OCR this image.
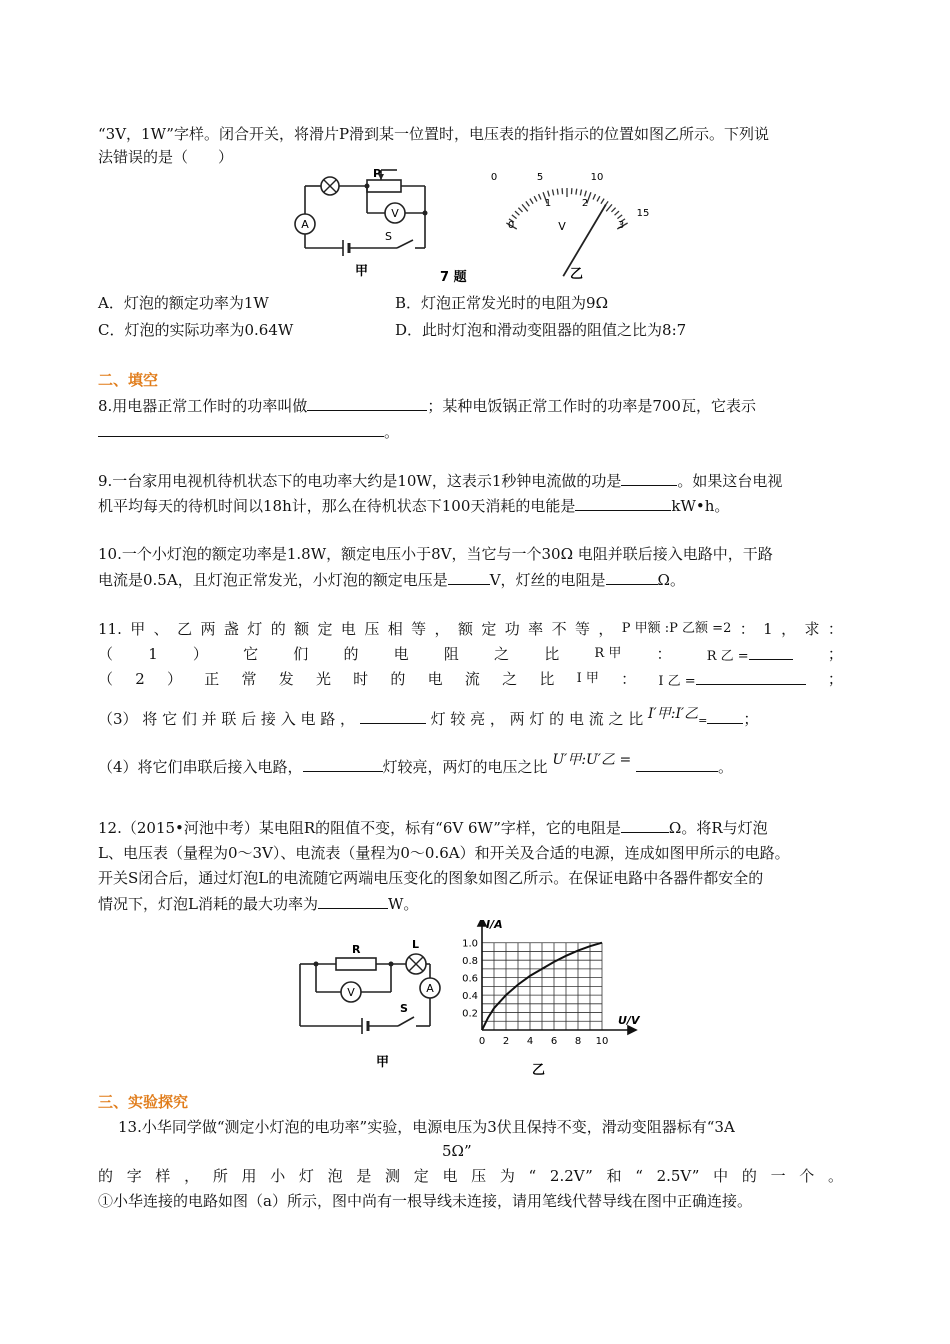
“3V，1W”字样。闭合开关，将滑片P滑到某一位置时，电压表的指针指示的位置如图乙所示。下列说
法错误的是（　　）
A
V
P
S
甲	7 题
0	5	10
15
0
1	2
3
V
乙
A．灯泡的额定功率为1W	B．灯泡正常发光时的电阻为9Ω
C．灯泡的实际功率为0.64W	D．此时灯泡和滑动变阻器的阻值之比为8:7
二、填空
8.用电器正常工作时的功率叫做	；某种电饭锅正常工作时的功率是700瓦，它表示
。
9.一台家用电视机待机状态下的电功率大约是10W，这表示1秒钟电流做的功是	。如果这台电视
机平均每天的待机时间以18h计，那么在待机状态下100天消耗的电能是	kW•h。
10.一个小灯泡的额定功率是1.8W，额定电压小于8V，当它与一个30Ω 电阻并联后接入电路中，干路
电流是0.5A，且灯泡正常发光，小灯泡的额定电压是	V，灯丝的电阻是	Ω。
11. 甲 、 乙 两 盏 灯 的 额 定 电 压 相 等 ， 额 定 功 率 不 等 ， P 甲额 :P 乙额 =2 ： 1 ， 求 ：
（ 1 ） 它 们 的 电 阻 之 比	R 甲 ：	R 乙 =	；
（ 2 ） 正 常 发 光 时 的 电 流 之 比 I 甲 ： I 乙 =	；
（3） 将 它 们 并 联 后 接 入 电 路 ，	灯 较 亮 ， 两 灯 的 电 流 之 比 I′甲:I′乙= ；
（4）将它们串联后接入电路，	灯较亮，两灯的电压之比 U′甲:U′乙 =	。
12.（2015•河池中考）某电阻R的阻值不变，标有“6V 6W”字样，它的电阻是	Ω。将R与灯泡
L、电压表（量程为0～3V）、电流表（量程为0～0.6A）和开关及合适的电源，连成如图甲所示的电路。
开关S闭合后，通过灯泡L的电流随它两端电压变化的图象如图乙所示。在保证电路中各器件都安全的
情况下，灯泡L消耗的最大功率为	W。
V	A
R	L
S
甲
I/A
U/V
1.0
0.8
0.6
0.4
0.2
0 2 4 6 8 10
乙
三、实验探究
13.小华同学做“测定小灯泡的电功率”实验，电源电压为3伏且保持不变，滑动变阻器标有“3A
5Ω”
的 字 样 ， 所 用 小 灯 泡 是 测 定 电 压 为 “ 2.2V” 和 “ 2.5V” 中 的 一 个 。
①小华连接的电路如图（a）所示，图中尚有一根导线未连接，请用笔线代替导线在图中正确连接。
